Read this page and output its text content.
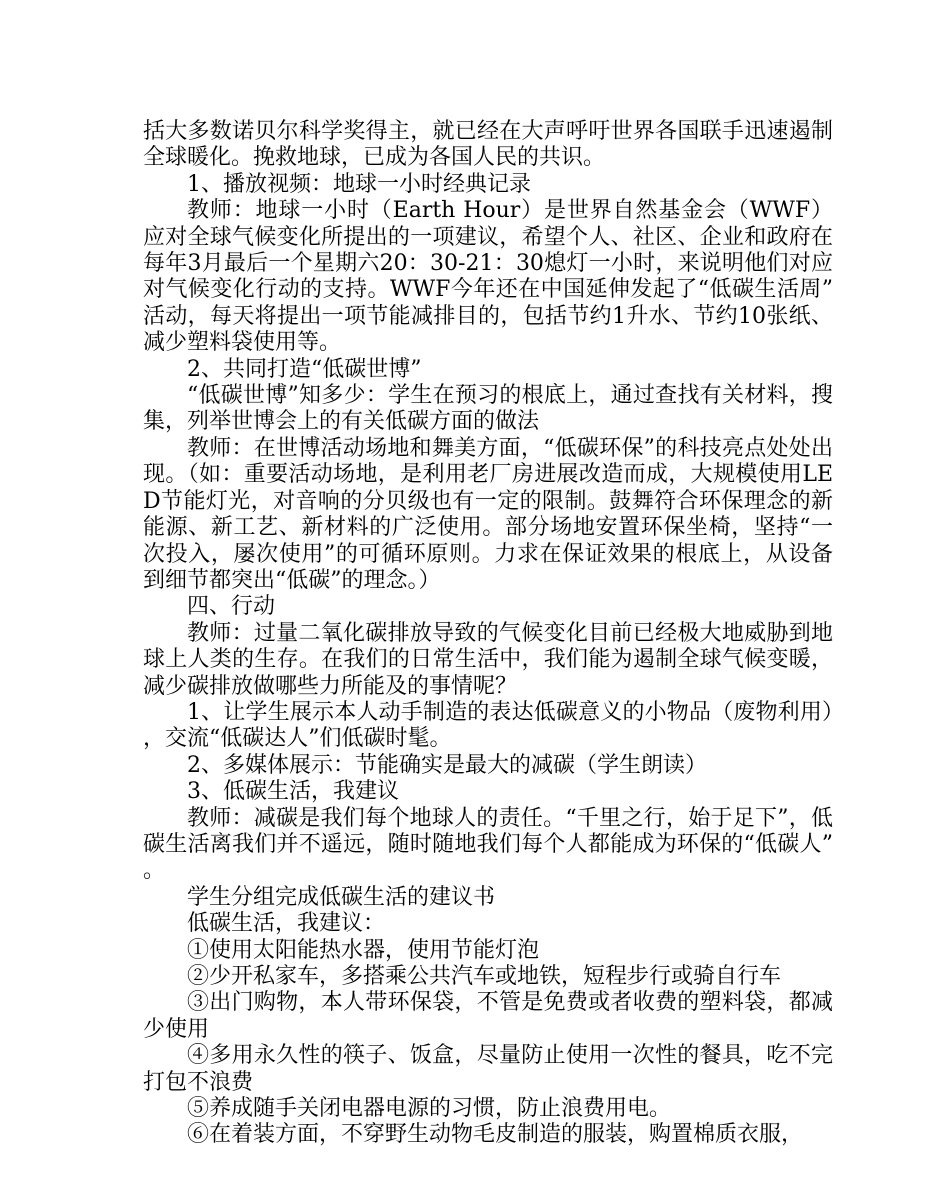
括大多数诺贝尔科学奖得主，就已经在大声呼吁世界各国联手迅速遏制全球暖化。挽救地球，已成为各国人民的共识。

1、播放视频：地球一小时经典记录

教师：地球一小时（Earth Hour）是世界自然基金会（WWF）应对全球气候变化所提出的一项建议，希望个人、社区、企业和政府在每年3月最后一个星期六20：30-21：30熄灯一小时，来说明他们对应对气候变化行动的支持。WWF今年还在中国延伸发起了“低碳生活周”活动，每天将提出一项节能减排目的，包括节约1升水、节约10张纸、减少塑料袋使用等。

2、共同打造“低碳世博”

“低碳世博”知多少：学生在预习的根底上，通过查找有关材料，搜集，列举世博会上的有关低碳方面的做法

教师：在世博活动场地和舞美方面，“低碳环保”的科技亮点处处出现。（如：重要活动场地，是利用老厂房进展改造而成，大规模使用LED节能灯光，对音响的分贝级也有一定的限制。鼓舞符合环保理念的新能源、新工艺、新材料的广泛使用。部分场地安置环保坐椅，坚持“一次投入，屡次使用”的可循环原则。力求在保证效果的根底上，从设备到细节都突出“低碳”的理念。）

四、行动

教师：过量二氧化碳排放导致的气候变化目前已经极大地威胁到地球上人类的生存。在我们的日常生活中，我们能为遏制全球气候变暖，减少碳排放做哪些力所能及的事情呢？

1、让学生展示本人动手制造的表达低碳意义的小物品（废物利用），交流“低碳达人”们低碳时髦。

2、多媒体展示：节能确实是最大的减碳（学生朗读）

3、低碳生活，我建议

教师：减碳是我们每个地球人的责任。“千里之行，始于足下”，低碳生活离我们并不遥远，随时随地我们每个人都能成为环保的“低碳人”。

学生分组完成低碳生活的建议书

低碳生活，我建议：

①使用太阳能热水器，使用节能灯泡

②少开私家车，多搭乘公共汽车或地铁，短程步行或骑自行车

③出门购物，本人带环保袋，不管是免费或者收费的塑料袋，都减少使用

④多用永久性的筷子、饭盒，尽量防止使用一次性的餐具，吃不完打包不浪费

⑤养成随手关闭电器电源的习惯，防止浪费用电。

⑥在着装方面，不穿野生动物毛皮制造的服装，购置棉质衣服，
